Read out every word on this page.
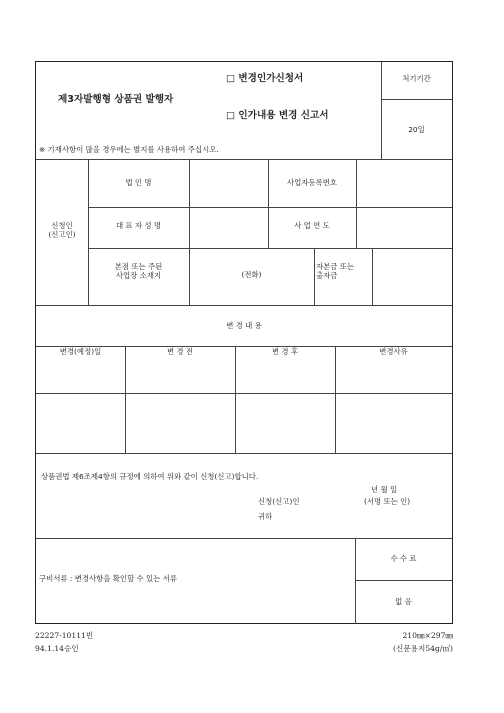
제3자발행형 상품권 발행자
□ 변경인가신청서
□ 인가내용 변경 신고서
※ 기재사항이 많을 경우에는 별지를 사용하여 주십시오.
처기기간
20일
신청인
(신고인)
법 인 명	사업자등록번호
대 표 자 성 명	사 업 연 도
본점 또는 주된
사업장 소재지	(전화)
자본금 또는
출자금
변 경 내 용
변경(예정)일	변 경 전	변 경 후	변경사유
상품권법 제6조제4항의 규정에 의하여 위와 같이 신청(신고)합니다.
년 월 일
신청(신고)인	(서명 또는 인)
귀하
구비서류 : 변경사항을 확인할 수 있는 서류
수 수 료
없 음
22227-10111빈
94.1.14승인
210㎜×297㎜
(신문용지54g/㎡)
